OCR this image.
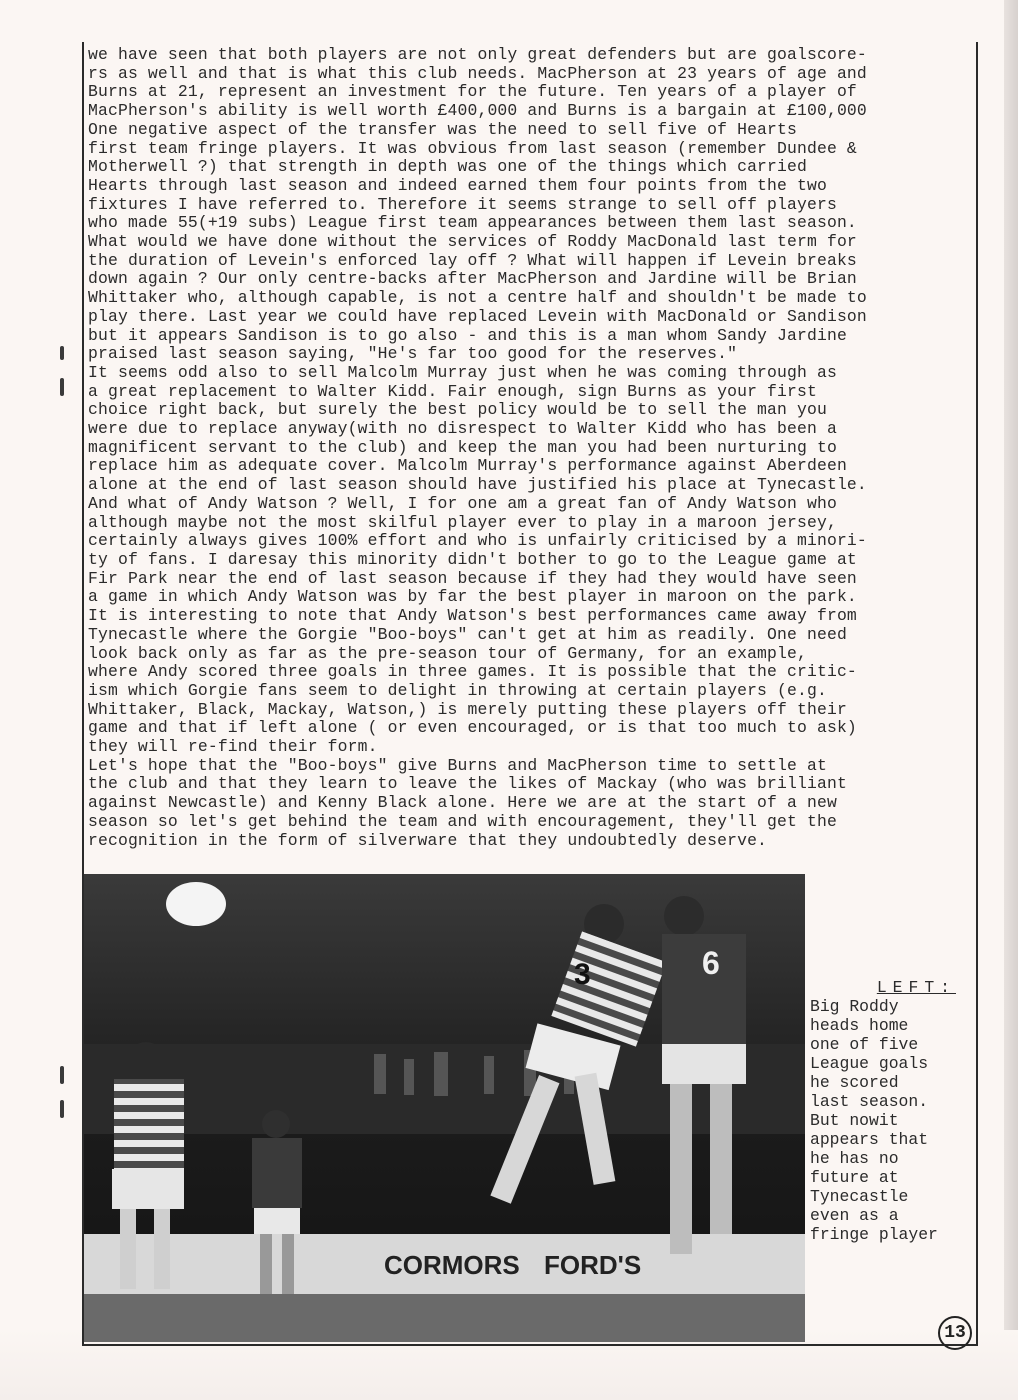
we have seen that both players are not only great defenders but are goalscore-

rs as well and that is what this club needs. MacPherson at 23 years of age and

Burns at 21, represent an investment for the future. Ten years of a player of

MacPherson's ability is well worth £400,000 and Burns is a bargain at £100,000

One negative aspect of the transfer was the need to sell five of Hearts

first team fringe players. It was obvious from last season (remember Dundee &

Motherwell ?) that strength in depth was one of the things which carried

Hearts through last season and indeed earned them four points from the two

fixtures I have referred to. Therefore it seems strange to sell off players

who made 55(+19 subs) League first team appearances between them last season.

What would we have done without the services of Roddy MacDonald last term for

the duration of Levein's enforced lay off ? What will happen if Levein breaks

down again ? Our only centre-backs after MacPherson and Jardine will be Brian

Whittaker who, although capable, is not a centre half and shouldn't be made to

play there. Last year we could have replaced Levein with MacDonald or Sandison

but it appears Sandison is to go also - and this is a man whom Sandy Jardine

praised last season saying, "He's far too good for the reserves."

It seems odd also to sell Malcolm Murray just when he was coming through as

a great replacement to Walter Kidd. Fair enough, sign Burns as your first

choice right back, but surely the best policy would be to sell the man you

were due to replace anyway(with no disrespect to Walter Kidd who has been a

magnificent servant to the club) and keep the man you had been nurturing to

replace him as adequate cover. Malcolm Murray's performance against Aberdeen

alone at the end of last season should have justified his place at Tynecastle.

And what of Andy Watson ? Well, I for one am a great fan of Andy Watson who

although maybe not the most skilful player ever to play in a maroon jersey,

certainly always gives 100% effort and who is unfairly criticised by a minori-

ty of fans. I daresay this minority didn't bother to go to the League game at

Fir Park near the end of last season because if they had they would have seen

a game in which Andy Watson was by far the best player in maroon on the park.

It is interesting to note that Andy Watson's best performances came away from

Tynecastle where the Gorgie "Boo-boys" can't get at him as readily. One need

look back only as far as the pre-season tour of Germany, for an example,

where Andy scored three goals in three games. It is possible that the critic-

ism which Gorgie fans seem to delight in throwing at certain players (e.g.

Whittaker, Black, Mackay, Watson,) is merely putting these players off their

game and that if left alone ( or even encouraged, or is that too much to ask)

they will re-find their form.

Let's hope that the "Boo-boys" give Burns and MacPherson time to settle at

the club and that they learn to leave the likes of Mackay (who was brilliant

against Newcastle) and Kenny Black alone. Here we are at the start of a new

season so let's get behind the team and with encouragement, they'll get the

recognition in the form of silverware that they undoubtedly deserve.

CORMORS FORD'S
3	6
LEFT:
Big Roddy
heads home
one of five
League goals
he scored
last season.
But nowit
appears that
he has no
future at
Tynecastle
even as a
fringe player
13
